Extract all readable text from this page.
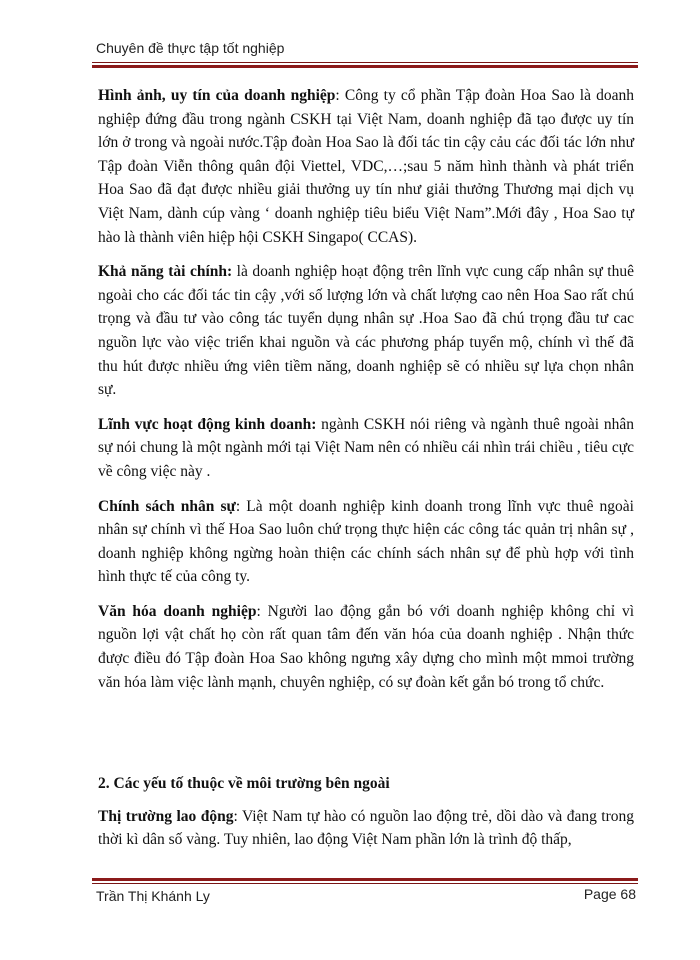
Chuyên đề thực tập tốt nghiệp

Hình ảnh, uy tín của doanh nghiệp: Công ty cổ phần Tập đoàn Hoa Sao là doanh nghiệp đứng đầu trong ngành CSKH tại Việt Nam, doanh nghiệp đã tạo được uy tín lớn ở trong và ngoài nước.Tập đoàn Hoa Sao là đối tác tin cậy cảu các đối tác lớn như Tập đoàn Viễn thông quân đội Viettel, VDC,…;sau 5 năm hình thành và phát triển Hoa Sao đã đạt được nhiều giải thưởng uy tín như giải thưởng Thương mại dịch vụ Việt Nam, dành cúp vàng ‘ doanh nghiệp tiêu biểu Việt Nam”.Mới đây , Hoa Sao tự hào là thành viên hiệp hội CSKH Singapo( CCAS).

Khả năng tài chính: là doanh nghiệp hoạt động trên lĩnh vực cung cấp nhân sự thuê ngoài cho các đối tác tin cậy ,với số lượng lớn và chất lượng cao nên Hoa Sao rất chú trọng và đầu tư vào công tác tuyển dụng nhân sự .Hoa Sao đã chú trọng đầu tư cac nguồn lực vào việc triển khai nguồn và các phương pháp tuyển mộ, chính vì thế đã thu hút được nhiều ứng viên tiềm năng, doanh nghiệp sẽ có nhiều sự lựa chọn nhân sự.

Lĩnh vực hoạt động kinh doanh: ngành CSKH nói riêng và ngành thuê ngoài nhân sự nói chung là một ngành mới tại Việt Nam nên có nhiều cái nhìn trái chiều , tiêu cực về công việc này .

Chính sách nhân sự: Là một doanh nghiệp kinh doanh trong lĩnh vực thuê ngoài nhân sự chính vì thế Hoa Sao luôn chứ trọng thực hiện các công tác quản trị nhân sự , doanh nghiệp không ngừng hoàn thiện các chính sách nhân sự để phù hợp với tình hình thực tế của công ty.

Văn hóa doanh nghiệp: Người lao động gắn bó với doanh nghiệp không chỉ vì nguồn lợi vật chất họ còn rất quan tâm đến văn hóa của doanh nghiệp . Nhận thức được điều đó Tập đoàn Hoa Sao không ngưng xây dựng cho mình một mmoi trường văn hóa làm việc lành mạnh, chuyên nghiệp, có sự đoàn kết gắn bó trong tổ chức.

2. Các yếu tố thuộc về môi trường bên ngoài

Thị trường lao động: Việt Nam tự hào có nguồn lao động trẻ, dồi dào và đang trong thời kì dân số vàng. Tuy nhiên, lao động Việt Nam phần lớn là trình độ thấp,

Trần Thị Khánh Ly	Page 68
